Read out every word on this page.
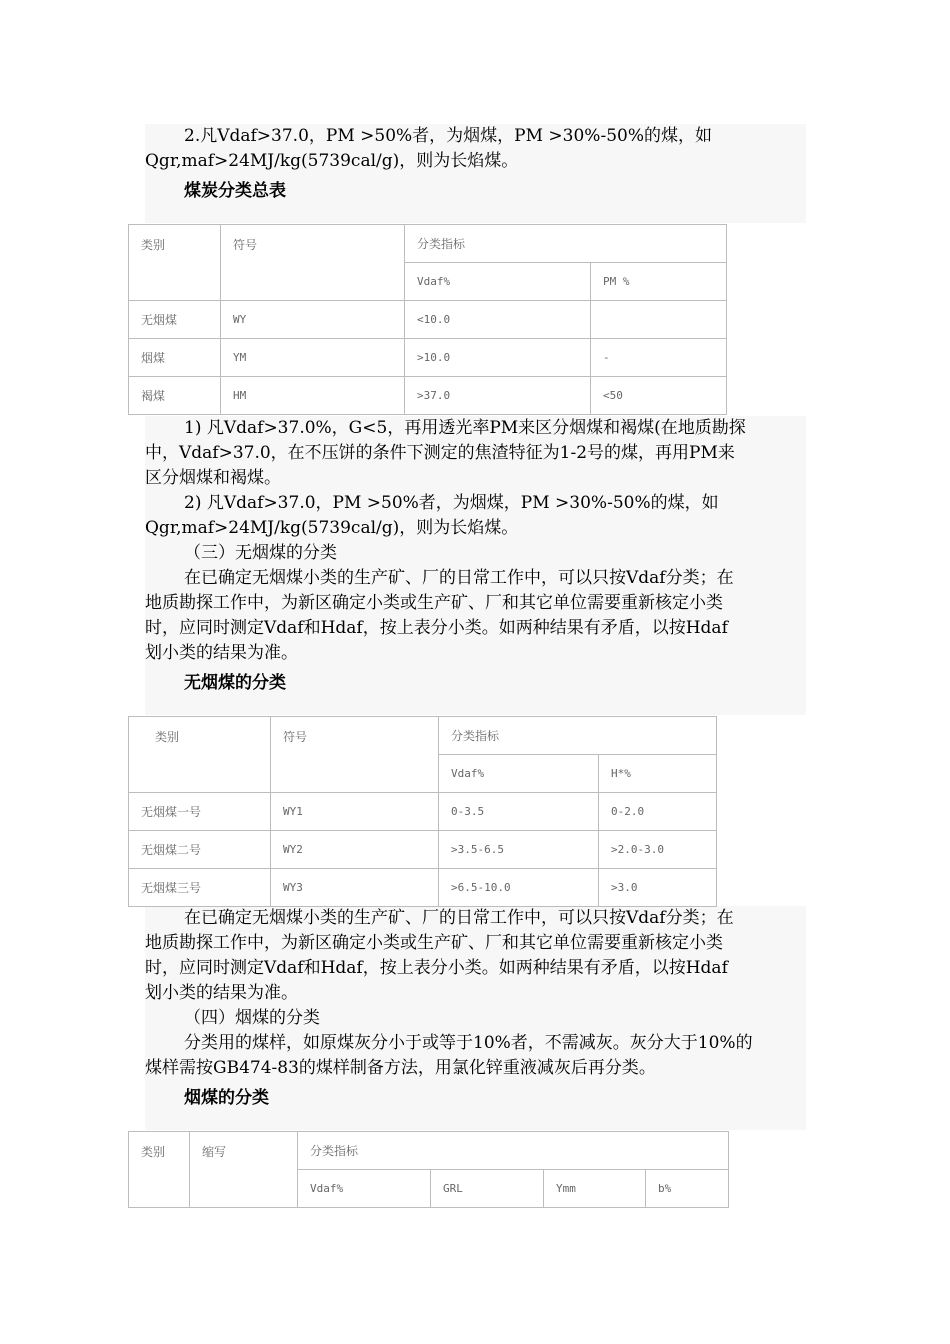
2.凡Vdaf>37.0，PM >50%者，为烟煤，PM >30%-50%的煤，如
Qgr,maf>24MJ/kg(5739cal/g)，则为长焰煤。
煤炭分类总表
类别	符号	分类指标	
		Vdaf%	PM %
无烟煤	WY	<10.0	
烟煤	YM	>10.0	-
褐煤	HM	>37.0	<50
1) 凡Vdaf>37.0%，G<5，再用透光率PM来区分烟煤和褐煤(在地质勘探
中，Vdaf>37.0，在不压饼的条件下测定的焦渣特征为1-2号的煤，再用PM来
区分烟煤和褐煤。
2) 凡Vdaf>37.0，PM >50%者，为烟煤，PM >30%-50%的煤，如
Qgr,maf>24MJ/kg(5739cal/g)，则为长焰煤。
（三）无烟煤的分类
在已确定无烟煤小类的生产矿、厂的日常工作中，可以只按Vdaf分类；在
地质勘探工作中，为新区确定小类或生产矿、厂和其它单位需要重新核定小类
时，应同时测定Vdaf和Hdaf，按上表分小类。如两种结果有矛盾，以按Hdaf
划小类的结果为准。
无烟煤的分类
类别	符号	分类指标	
		Vdaf%	H*%
无烟煤一号	WY1	0-3.5	0-2.0
无烟煤二号	WY2	>3.5-6.5	>2.0-3.0
无烟煤三号	WY3	>6.5-10.0	>3.0
在已确定无烟煤小类的生产矿、厂的日常工作中，可以只按Vdaf分类；在
地质勘探工作中，为新区确定小类或生产矿、厂和其它单位需要重新核定小类
时，应同时测定Vdaf和Hdaf，按上表分小类。如两种结果有矛盾，以按Hdaf
划小类的结果为准。
（四）烟煤的分类
分类用的煤样，如原煤灰分小于或等于10%者，不需减灰。灰分大于10%的
煤样需按GB474-83的煤样制备方法，用氯化锌重液减灰后再分类。
烟煤的分类
类别	缩写	分类指标			
		Vdaf%	GRL	Ymm	b%
